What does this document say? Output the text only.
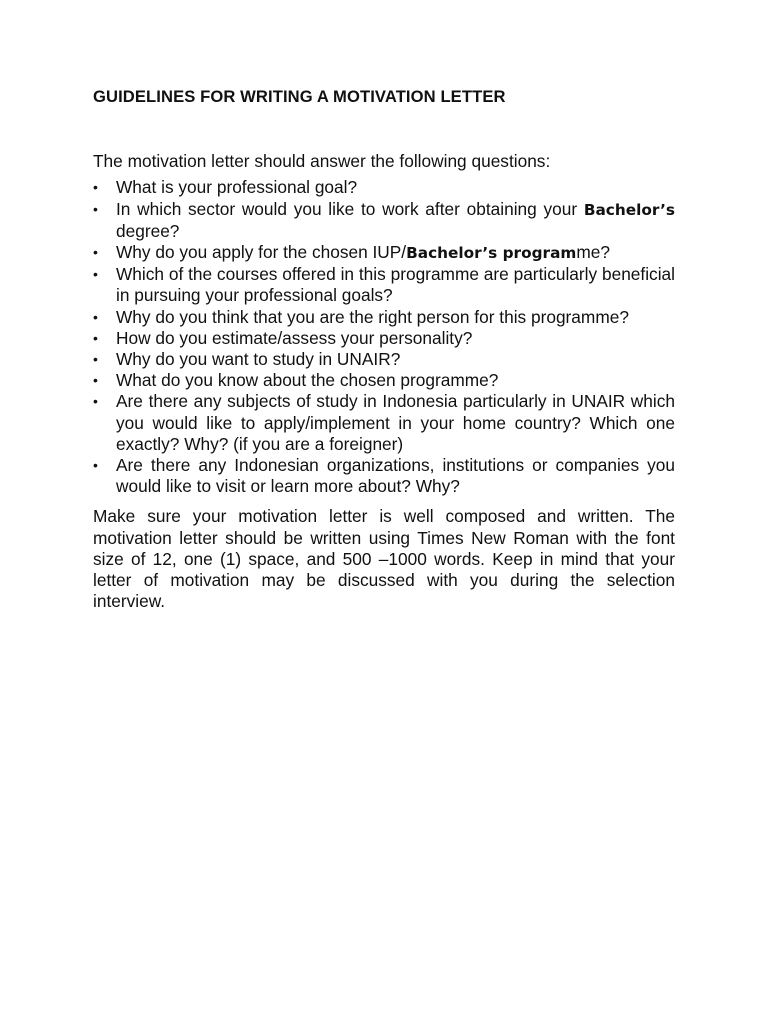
GUIDELINES FOR WRITING A MOTIVATION LETTER

The motivation letter should answer the following questions:

•	What is your professional goal?
•	In which sector would you like to work after obtaining your Bachelor’s degree?
•	Why do you apply for the chosen IUP/Bachelor’s programme?
•	Which of the courses offered in this programme are particularly beneficial in pursuing your professional goals?
•	Why do you think that you are the right person for this programme?
•	How do you estimate/assess your personality?
•	Why do you want to study in UNAIR?
•	What do you know about the chosen programme?
•	Are there any subjects of study in Indonesia particularly in UNAIR which you would like to apply/implement in your home country? Which one exactly? Why? (if you are a foreigner)
•	Are there any Indonesian organizations, institutions or companies you would like to visit or learn more about? Why?

Make sure your motivation letter is well composed and written. The motivation letter should be written using Times New Roman with the font size of 12, one (1) space, and 500 –1000 words. Keep in mind that your letter of motivation may be discussed with you during the selection interview.
